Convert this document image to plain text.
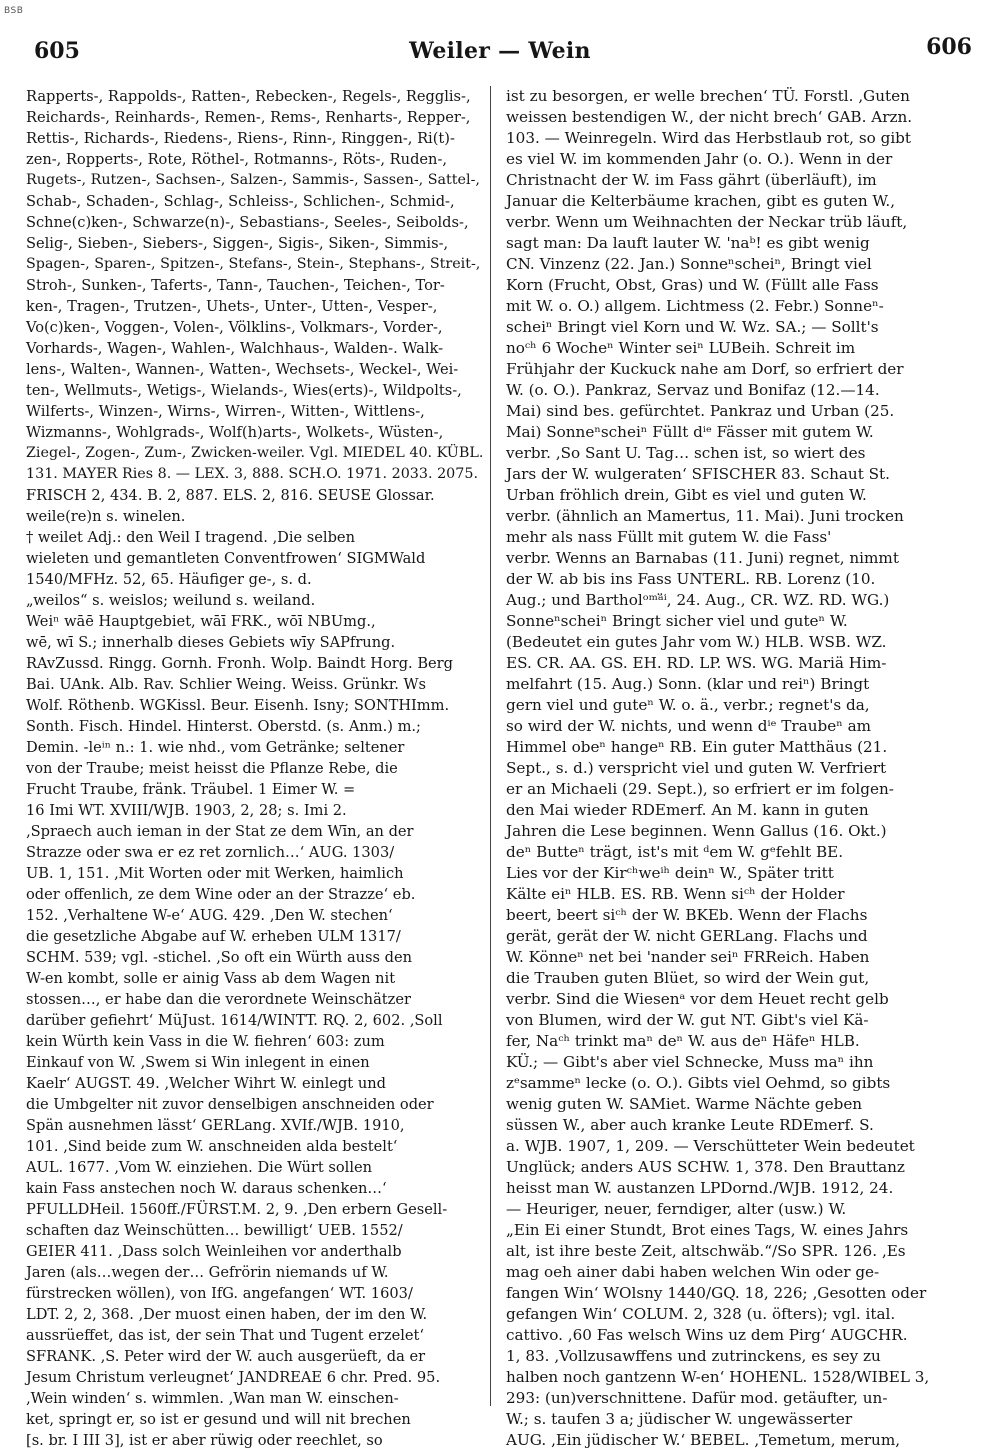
BSB
605	Weiler — Wein	606
Rapperts-, Rappolds-, Ratten-, Rebecken-, Regels-, Regglis-,
Reichards-, Reinhards-, Remen-, Rems-, Renharts-, Repper-,
Rettis-, Richards-, Riedens-, Riens-, Rinn-, Ringgen-, Ri(t)-
zen-, Ropperts-, Rote, Röthel-, Rotmanns-, Röts-, Ruden-,
Rugets-, Rutzen-, Sachsen-, Salzen-, Sammis-, Sassen-, Sattel-,
Schab-, Schaden-, Schlag-, Schleiss-, Schlichen-, Schmid-,
Schne(c)ken-, Schwarze(n)-, Sebastians-, Seeles-, Seibolds-,
Selig-, Sieben-, Siebers-, Siggen-, Sigis-, Siken-, Simmis-,
Spagen-, Sparen-, Spitzen-, Stefans-, Stein-, Stephans-, Streit-,
Stroh-, Sunken-, Taferts-, Tann-, Tauchen-, Teichen-, Tor-
ken-, Tragen-, Trutzen-, Uhets-, Unter-, Utten-, Vesper-,
Vo(c)ken-, Voggen-, Volen-, Völklins-, Volkmars-, Vorder-,
Vorhards-, Wagen-, Wahlen-, Walchhaus-, Walden-. Walk-
lens-, Walten-, Wannen-, Watten-, Wechsets-, Weckel-, Wei-
ten-, Wellmuts-, Wetigs-, Wielands-, Wies(erts)-, Wildpolts-,
Wilferts-, Winzen-, Wirns-, Wirren-, Witten-, Wittlens-,
Wizmanns-, Wohlgrads-, Wolf(h)arts-, Wolkets-, Wüsten-,
Ziegel-, Zogen-, Zum-, Zwicken-weiler. Vgl. MIEDEL 40. KÜBL.
131. MAYER Ries 8. — LEX. 3, 888. SCH.O. 1971. 2033. 2075.
FRISCH 2, 434. B. 2, 887. ELS. 2, 816. SEUSE Glossar.
weile(re)n s. winelen.
† weilet Adj.: den Weil I tragend. ‚Die selben
wieleten und gemantleten Conventfrowen‘ SIGMWald
1540/MFHz. 52, 65. Häufiger ge-, s. d.
„weilos“ s. weislos; weilund s. weiland.
Weiⁿ wāē Hauptgebiet, wāī FRK., wōī NBUmg.,
wē, wī S.; innerhalb dieses Gebiets wīy SAPfrung.
RAvZussd. Ringg. Gornh. Fronh. Wolp. Baindt Horg. Berg
Bai. UAnk. Alb. Rav. Schlier Weing. Weiss. Grünkr. Ws
Wolf. Röthenb. WGKissl. Beur. Eisenh. Isny; SONTHImm.
Sonth. Fisch. Hindel. Hinterst. Oberstd. (s. Anm.) m.;
Demin. -leⁱⁿ n.: 1. wie nhd., vom Getränke; seltener
von der Traube; meist heisst die Pflanze Rebe, die
Frucht Traube, fränk. Träubel. 1 Eimer W. =
16 Imi WT. XVIII/WJB. 1903, 2, 28; s. Imi 2.
‚Spraech auch ieman in der Stat ze dem Wīn, an der
Strazze oder swa er ez ret zornlich…‘ AUG. 1303/
UB. 1, 151. ‚Mit Worten oder mit Werken, haimlich
oder offenlich, ze dem Wine oder an der Strazze‘ eb.
152. ‚Verhaltene W-e‘ AUG. 429. ‚Den W. stechen‘
die gesetzliche Abgabe auf W. erheben ULM 1317/
SCHM. 539; vgl. -stichel. ‚So oft ein Würth auss den
W-en kombt, solle er ainig Vass ab dem Wagen nit
stossen…, er habe dan die verordnete Weinschätzer
darüber gefiehrt‘ MüJust. 1614/WINTT. RQ. 2, 602. ‚Soll
kein Würth kein Vass in die W. fiehren‘ 603: zum
Einkauf von W. ‚Swem si Win inlegent in einen
Kaelr‘ AUGST. 49. ‚Welcher Wihrt W. einlegt und
die Umbgelter nit zuvor denselbigen anschneiden oder
Spän ausnehmen lässt‘ GERLang. XVIf./WJB. 1910,
101. ‚Sind beide zum W. anschneiden alda bestelt‘
AUL. 1677. ‚Vom W. einziehen. Die Würt sollen
kain Fass anstechen noch W. daraus schenken…‘
PFULLDHeil. 1560ff./FÜRST.M. 2, 9. ‚Den erbern Gesell-
schaften daz Weinschütten… bewilligt‘ UEB. 1552/
GEIER 411. ‚Dass solch Weinleihen vor anderthalb
Jaren (als…wegen der… Gefrörin niemands uf W.
fürstrecken wöllen), von IfG. angefangen‘ WT. 1603/
LDT. 2, 2, 368. ‚Der muost einen haben, der im den W.
aussrüeffet, das ist, der sein That und Tugent erzelet‘
SFRANK. ‚S. Peter wird der W. auch ausgerüeft, da er
Jesum Christum verleugnet‘ JANDREAE 6 chr. Pred. 95.
‚Wein winden‘ s. wimmlen. ‚Wan man W. einschen-
ket, springt er, so ist er gesund und will nit brechen
[s. br. I III 3], ist er aber rüwig oder reechlet, so
ist zu besorgen, er welle brechen‘ TÜ. Forstl. ‚Guten
weissen bestendigen W., der nicht brech‘ GAB. Arzn.
103. — Weinregeln. Wird das Herbstlaub rot, so gibt
es viel W. im kommenden Jahr (o. O.). Wenn in der
Christnacht der W. im Fass gährt (überläuft), im
Januar die Kelterbäume krachen, gibt es guten W.,
verbr. Wenn um Weihnachten der Neckar trüb läuft,
sagt man: Da lauft lauter W. 'naᵇ! es gibt wenig
CN. Vinzenz (22. Jan.) Sonneⁿscheiⁿ, Bringt viel
Korn (Frucht, Obst, Gras) und W. (Füllt alle Fass
mit W. o. O.) allgem. Lichtmess (2. Febr.) Sonneⁿ-
scheiⁿ Bringt viel Korn und W. Wz. SA.; — Sollt's
noᶜʰ 6 Wocheⁿ Winter seiⁿ LUBeih. Schreit im
Frühjahr der Kuckuck nahe am Dorf, so erfriert der
W. (o. O.). Pankraz, Servaz und Bonifaz (12.—14.
Mai) sind bes. gefürchtet. Pankraz und Urban (25.
Mai) Sonneⁿscheiⁿ Füllt dⁱᵉ Fässer mit gutem W.
verbr. ‚So Sant U. Tag… schen ist, so wiert des
Jars der W. wulgeraten‘ SFISCHER 83. Schaut St.
Urban fröhlich drein, Gibt es viel und guten W.
verbr. (ähnlich an Mamertus, 11. Mai). Juni trocken
mehr als nass Füllt mit gutem W. die Fass'
verbr. Wenns an Barnabas (11. Juni) regnet, nimmt
der W. ab bis ins Fass UNTERL. RB. Lorenz (10.
Aug.; und Bartholᵒᵐᵃ̈ⁱ, 24. Aug., CR. WZ. RD. WG.)
Sonneⁿscheiⁿ Bringt sicher viel und guteⁿ W.
(Bedeutet ein gutes Jahr vom W.) HLB. WSB. WZ.
ES. CR. AA. GS. EH. RD. LP. WS. WG. Mariä Him-
melfahrt (15. Aug.) Sonn. (klar und reiⁿ) Bringt
gern viel und guteⁿ W. o. ä., verbr.; regnet's da,
so wird der W. nichts, und wenn dⁱᵉ Traubeⁿ am
Himmel obeⁿ hangeⁿ RB. Ein guter Matthäus (21.
Sept., s. d.) verspricht viel und guten W. Verfriert
er an Michaeli (29. Sept.), so erfriert er im folgen-
den Mai wieder RDEmerf. An M. kann in guten
Jahren die Lese beginnen. Wenn Gallus (16. Okt.)
deⁿ Butteⁿ trägt, ist's mit ᵈem W. gᵉfehlt BE.
Lies vor der Kirᶜʰweⁱʰ deinⁿ W., Später tritt
Kälte eiⁿ HLB. ES. RB. Wenn siᶜʰ der Holder
beert, beert siᶜʰ der W. BKEb. Wenn der Flachs
gerät, gerät der W. nicht GERLang. Flachs und
W. Könneⁿ net bei 'nander seiⁿ FRReich. Haben
die Trauben guten Blüet, so wird der Wein gut,
verbr. Sind die Wiesenᵃ vor dem Heuet recht gelb
von Blumen, wird der W. gut NT. Gibt's viel Kä-
fer, Naᶜʰ trinkt maⁿ deⁿ W. aus deⁿ Häfeⁿ HLB.
KÜ.; — Gibt's aber viel Schnecke, Muss maⁿ ihn
zᵉsammeⁿ lecke (o. O.). Gibts viel Oehmd, so gibts
wenig guten W. SAMiet. Warme Nächte geben
süssen W., aber auch kranke Leute RDEmerf. S.
a. WJB. 1907, 1, 209. — Verschütteter Wein bedeutet
Unglück; anders AUS SCHW. 1, 378. Den Brauttanz
heisst man W. austanzen LPDornd./WJB. 1912, 24.
— Heuriger, neuer, ferndiger, alter (usw.) W.
„Ein Ei einer Stundt, Brot eines Tags, W. eines Jahrs
alt, ist ihre beste Zeit, altschwäb.“/So SPR. 126. ‚Es
mag oeh ainer dabi haben welchen Win oder ge-
fangen Win‘ WOlsny 1440/GQ. 18, 226; ‚Gesotten oder
gefangen Win‘ COLUM. 2, 328 (u. öfters); vgl. ital.
cattivo. ‚60 Fas welsch Wins uz dem Pirg‘ AUGCHR.
1, 83. ‚Vollzusawffens und zutrinckens, es sey zu
halben noch gantzenn W-en‘ HOHENL. 1528/WIBEL 3,
293: (un)verschnittene. Dafür mod. getäufter, un-
W.; s. taufen 3 a; jüdischer W. ungewässerter
AUG. ‚Ein jüdischer W.‘ BEBEL. ‚Temetum, merum,
